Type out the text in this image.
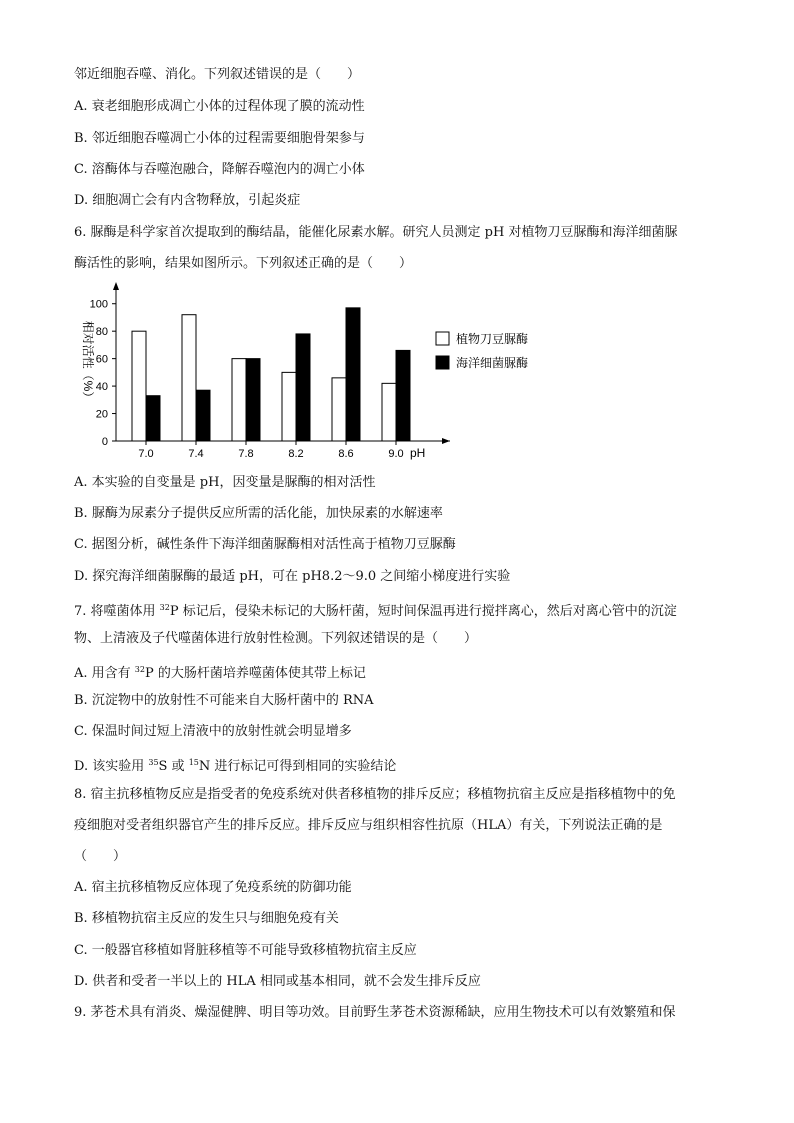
邻近细胞吞噬、消化。下列叙述错误的是（　　）
A. 衰老细胞形成凋亡小体的过程体现了膜的流动性
B. 邻近细胞吞噬凋亡小体的过程需要细胞骨架参与
C. 溶酶体与吞噬泡融合，降解吞噬泡内的凋亡小体
D. 细胞凋亡会有内含物释放，引起炎症
6. 脲酶是科学家首次提取到的酶结晶，能催化尿素水解。研究人员测定 pH 对植物刀豆脲酶和海洋细菌脲
酶活性的影响，结果如图所示。下列叙述正确的是（　　）
0
20
40
60
80
100
7.0	7.4	7.8	8.2	8.6	9.0
植物刀豆脲酶
海洋细菌脲酶
相对活性（%）
pH
A. 本实验的自变量是 pH，因变量是脲酶的相对活性
B. 脲酶为尿素分子提供反应所需的活化能，加快尿素的水解速率
C. 据图分析，碱性条件下海洋细菌脲酶相对活性高于植物刀豆脲酶
D. 探究海洋细菌脲酶的最适 pH，可在 pH8.2～9.0 之间缩小梯度进行实验
7. 将噬菌体用 $^{32}$P 标记后，侵染未标记的大肠杆菌，短时间保温再进行搅拌离心，然后对离心管中的沉淀
物、上清液及子代噬菌体进行放射性检测。下列叙述错误的是（　　）
A. 用含有 $^{32}$P 的大肠杆菌培养噬菌体使其带上标记
B. 沉淀物中的放射性不可能来自大肠杆菌中的 RNA
C. 保温时间过短上清液中的放射性就会明显增多
D. 该实验用 $^{35}$S 或 $^{15}$N 进行标记可得到相同的实验结论
8. 宿主抗移植物反应是指受者的免疫系统对供者移植物的排斥反应；移植物抗宿主反应是指移植物中的免
疫细胞对受者组织器官产生的排斥反应。排斥反应与组织相容性抗原（HLA）有关，下列说法正确的是
（　　）
A. 宿主抗移植物反应体现了免疫系统的防御功能
B. 移植物抗宿主反应的发生只与细胞免疫有关
C. 一般器官移植如肾脏移植等不可能导致移植物抗宿主反应
D. 供者和受者一半以上的 HLA 相同或基本相同，就不会发生排斥反应
9. 茅苍术具有消炎、燥湿健脾、明目等功效。目前野生茅苍术资源稀缺，应用生物技术可以有效繁殖和保
